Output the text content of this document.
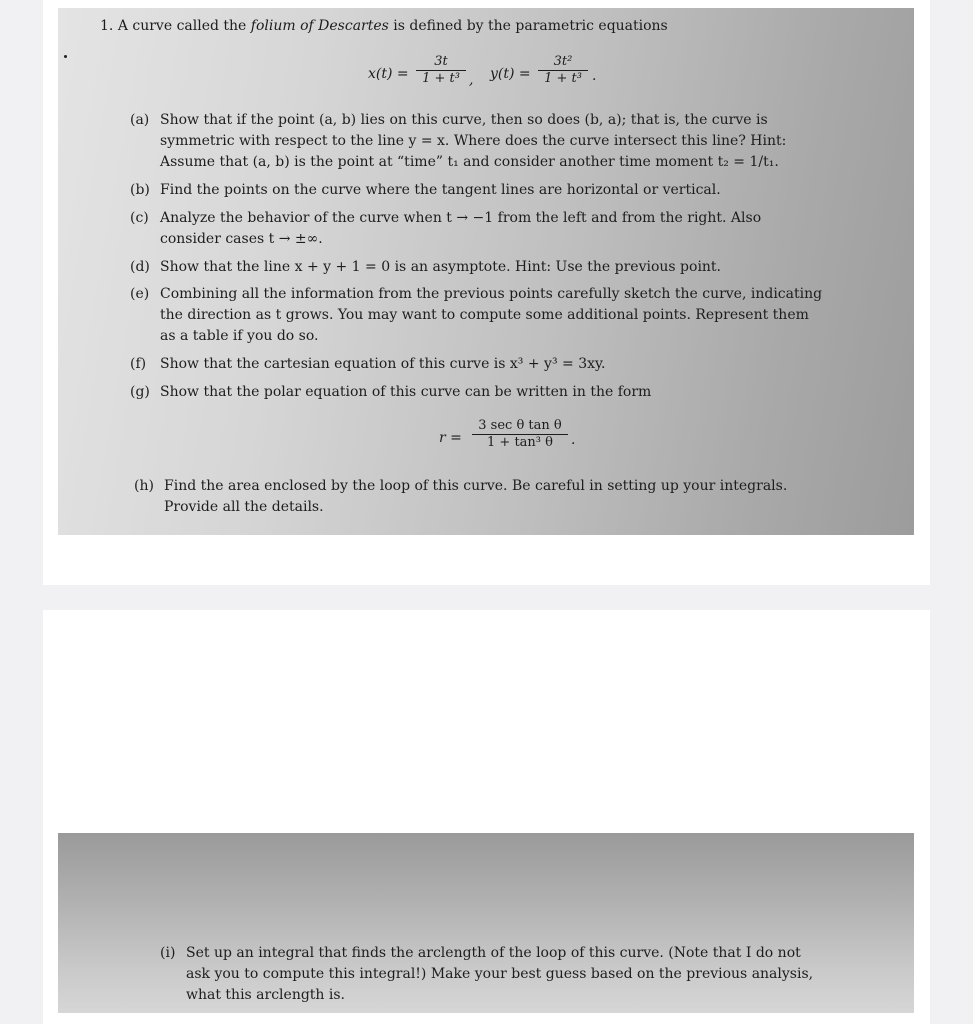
1. A curve called the folium of Descartes is defined by the parametric equations
x(t) =
3t
1 + t³ , y(t) =
3t²
1 + t³ .
(a) Show that if the point (a, b) lies on this curve, then so does (b, a); that is, the curve is
symmetric with respect to the line y = x. Where does the curve intersect this line? Hint:
Assume that (a, b) is the point at “time” t₁ and consider another time moment t₂ = 1/t₁.
(b) Find the points on the curve where the tangent lines are horizontal or vertical.
(c) Analyze the behavior of the curve when t → −1 from the left and from the right. Also
consider cases t → ±∞.
(d) Show that the line x + y + 1 = 0 is an asymptote. Hint: Use the previous point.
(e) Combining all the information from the previous points carefully sketch the curve, indicating
the direction as t grows. You may want to compute some additional points. Represent them
as a table if you do so.
(f) Show that the cartesian equation of this curve is x³ + y³ = 3xy.
(g) Show that the polar equation of this curve can be written in the form
r =
3 sec θ tan θ
1 + tan³ θ	.
(h) Find the area enclosed by the loop of this curve. Be careful in setting up your integrals.
Provide all the details.
(i) Set up an integral that finds the arclength of the loop of this curve. (Note that I do not
ask you to compute this integral!) Make your best guess based on the previous analysis,
what this arclength is.
